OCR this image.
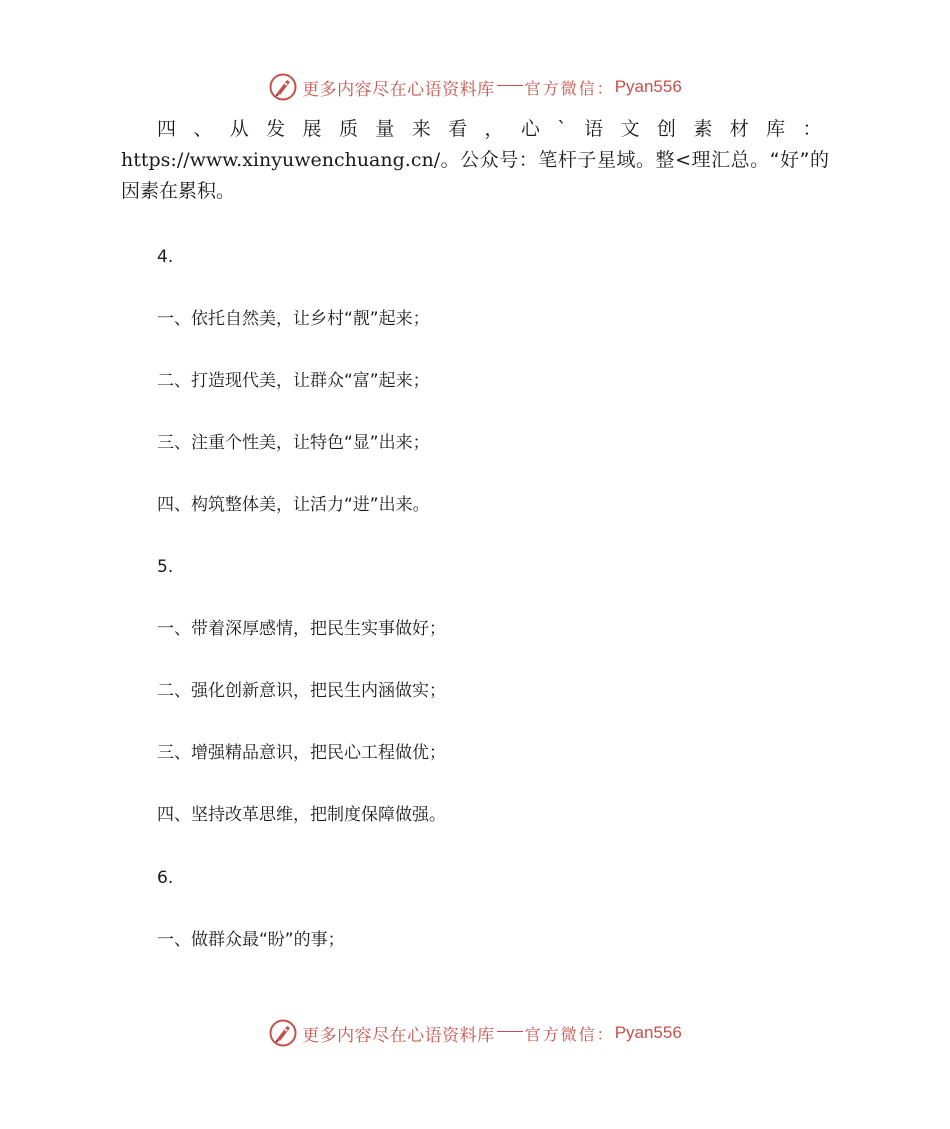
更多内容尽在心语资料库 官方微信： Pyan556

四、从发展质量来看，心`语文创素材库：https://www.xinyuwenchuang.cn/。公众号：笔杆子星域。整<理汇总。“好”的因素在累积。

4.
一、依托自然美，让乡村“靓”起来；
二、打造现代美，让群众“富”起来；
三、注重个性美，让特色“显”出来；
四、构筑整体美，让活力“进”出来。
5.
一、带着深厚感情，把民生实事做好；
二、强化创新意识，把民生内涵做实；
三、增强精品意识，把民心工程做优；
四、坚持改革思维，把制度保障做强。
6.
一、做群众最“盼”的事；
更多内容尽在心语资料库 官方微信： Pyan556
